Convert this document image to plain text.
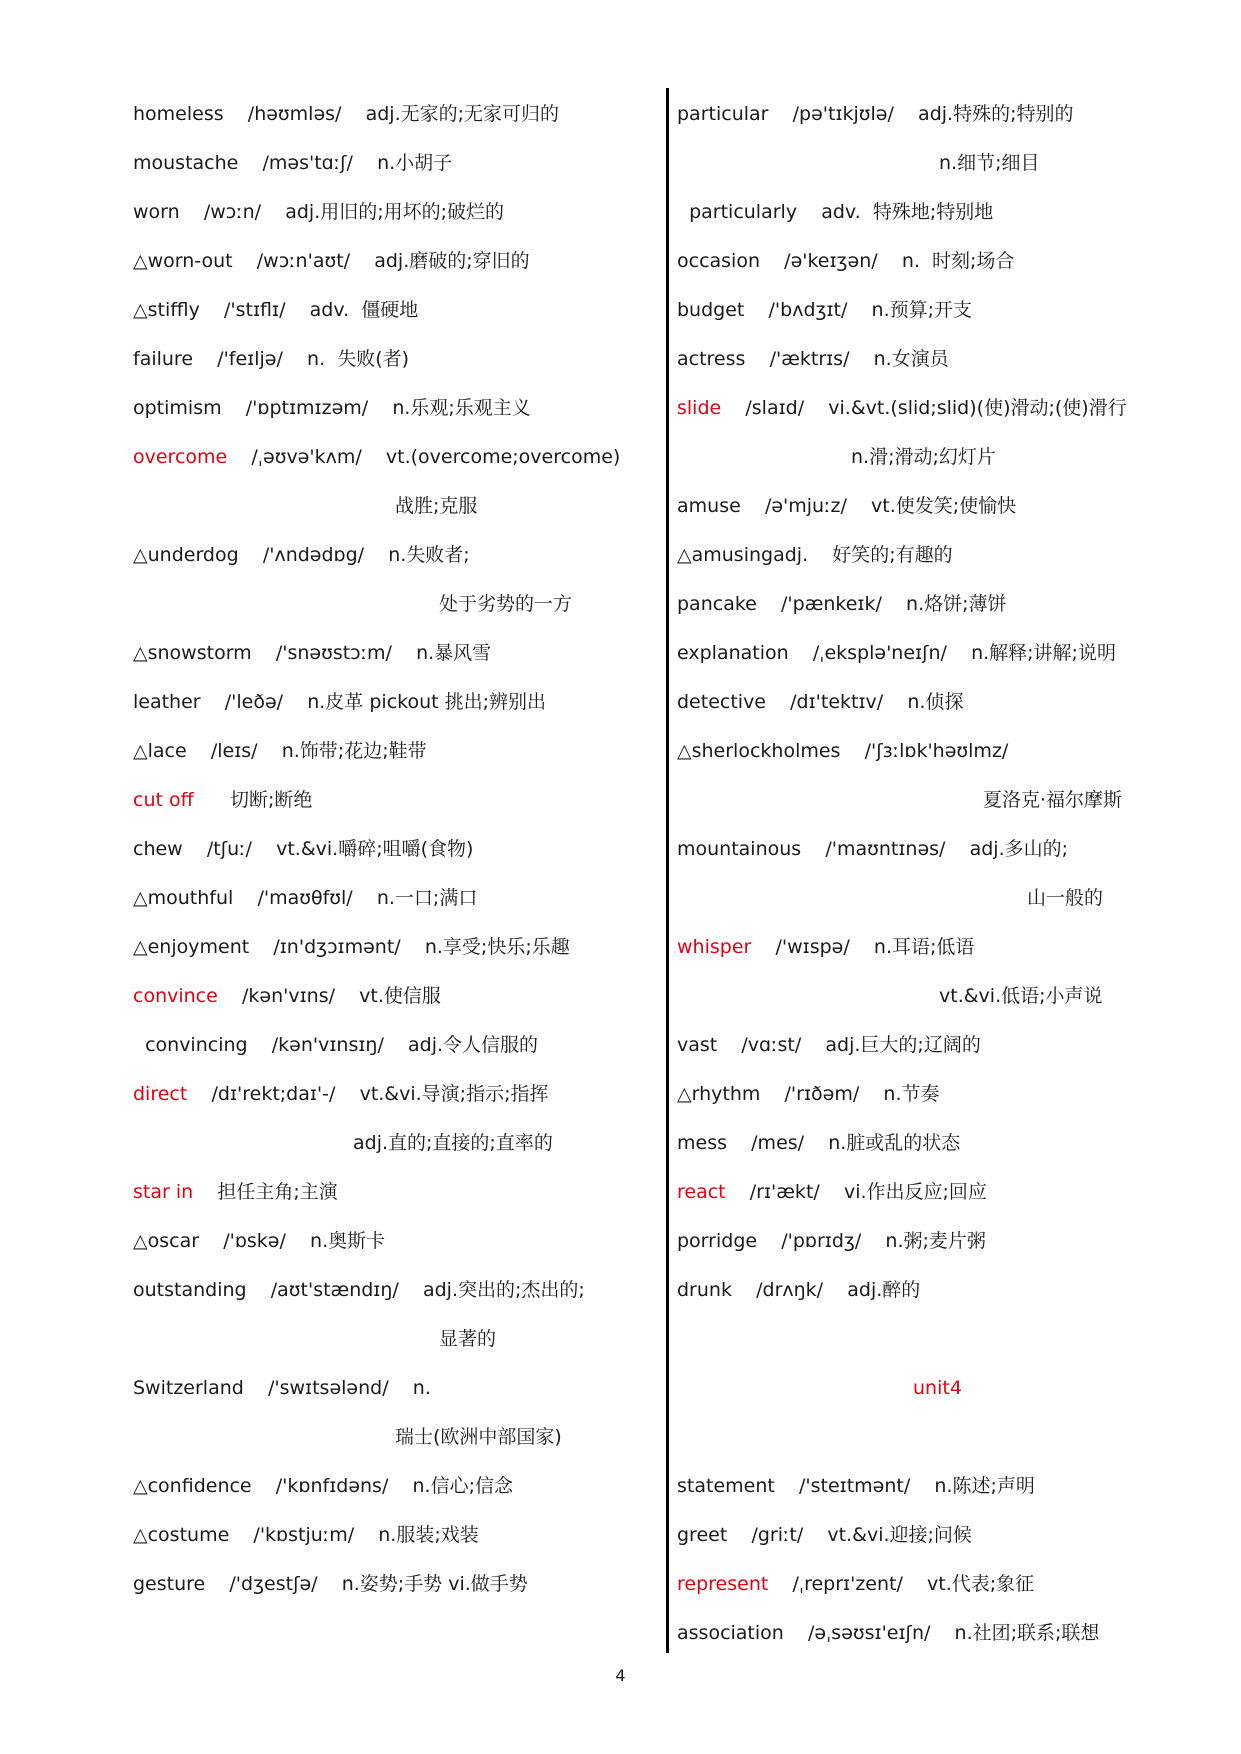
homeless    /həʊmləs/    adj.无家的;无家可归的
moustache    /məs'tɑːʃ/    n.小胡子
worn    /wɔːn/    adj.用旧的;用坏的;破烂的
△worn-out    /wɔːn'aʊt/    adj.磨破的;穿旧的
△stiffly    /'stɪflɪ/    adv.  僵硬地
failure    /'feɪljə/    n.  失败(者)
optimism    /'ɒptɪmɪzəm/    n.乐观;乐观主义
overcome    /ˌəʊvə'kʌm/    vt.(overcome;overcome)
战胜;克服
△underdog    /'ʌndədɒg/    n.失败者;
处于劣势的一方
△snowstorm    /'snəʊstɔːm/    n.暴风雪
leather    /'leðə/    n.皮革 pickout 挑出;辨别出
△lace    /leɪs/    n.饰带;花边;鞋带
cut off      切断;断绝
chew    /tʃuː/    vt.&vi.嚼碎;咀嚼(食物)
△mouthful    /'maʊθfʊl/    n.一口;满口
△enjoyment    /ɪn'dʒɔɪmənt/    n.享受;快乐;乐趣
convince    /kən'vɪns/    vt.使信服
convincing    /kən'vɪnsɪŋ/    adj.令人信服的
direct    /dɪ'rekt;daɪ'-/    vt.&vi.导演;指示;指挥
adj.直的;直接的;直率的
star in    担任主角;主演
△oscar    /'ɒskə/    n.奥斯卡
outstanding    /aʊt'stændɪŋ/    adj.突出的;杰出的;
显著的
Switzerland    /'swɪtsələnd/    n.
瑞士(欧洲中部国家)
△confidence    /'kɒnfɪdəns/    n.信心;信念
△costume    /'kɒstjuːm/    n.服装;戏装
gesture    /'dʒestʃə/    n.姿势;手势 vi.做手势
particular    /pə'tɪkjʊlə/    adj.特殊的;特别的
n.细节;细目
particularly    adv.  特殊地;特别地
occasion    /ə'keɪʒən/    n.  时刻;场合
budget    /'bʌdʒɪt/    n.预算;开支
actress    /'æktrɪs/    n.女演员
slide    /slaɪd/    vi.&vt.(slid;slid)(使)滑动;(使)滑行
n.滑;滑动;幻灯片
amuse    /ə'mjuːz/    vt.使发笑;使愉快
△amusingadj.    好笑的;有趣的
pancake    /'pænkeɪk/    n.烙饼;薄饼
explanation    /ˌeksplə'neɪʃn/    n.解释;讲解;说明
detective    /dɪ'tektɪv/    n.侦探
△sherlockholmes    /'ʃɜːlɒk'həʊlmz/
夏洛克·福尔摩斯
mountainous    /'maʊntɪnəs/    adj.多山的;
山一般的
whisper    /'wɪspə/    n.耳语;低语
vt.&vi.低语;小声说
vast    /vɑːst/    adj.巨大的;辽阔的
△rhythm    /'rɪðəm/    n.节奏
mess    /mes/    n.脏或乱的状态
react    /rɪ'ækt/    vi.作出反应;回应
porridge    /'pɒrɪdʒ/    n.粥;麦片粥
drunk    /drʌŋk/    adj.醉的
unit4
statement    /'steɪtmənt/    n.陈述;声明
greet    /griːt/    vt.&vi.迎接;问候
represent    /ˌreprɪ'zent/    vt.代表;象征
association    /əˌsəʊsɪ'eɪʃn/    n.社团;联系;联想
4
